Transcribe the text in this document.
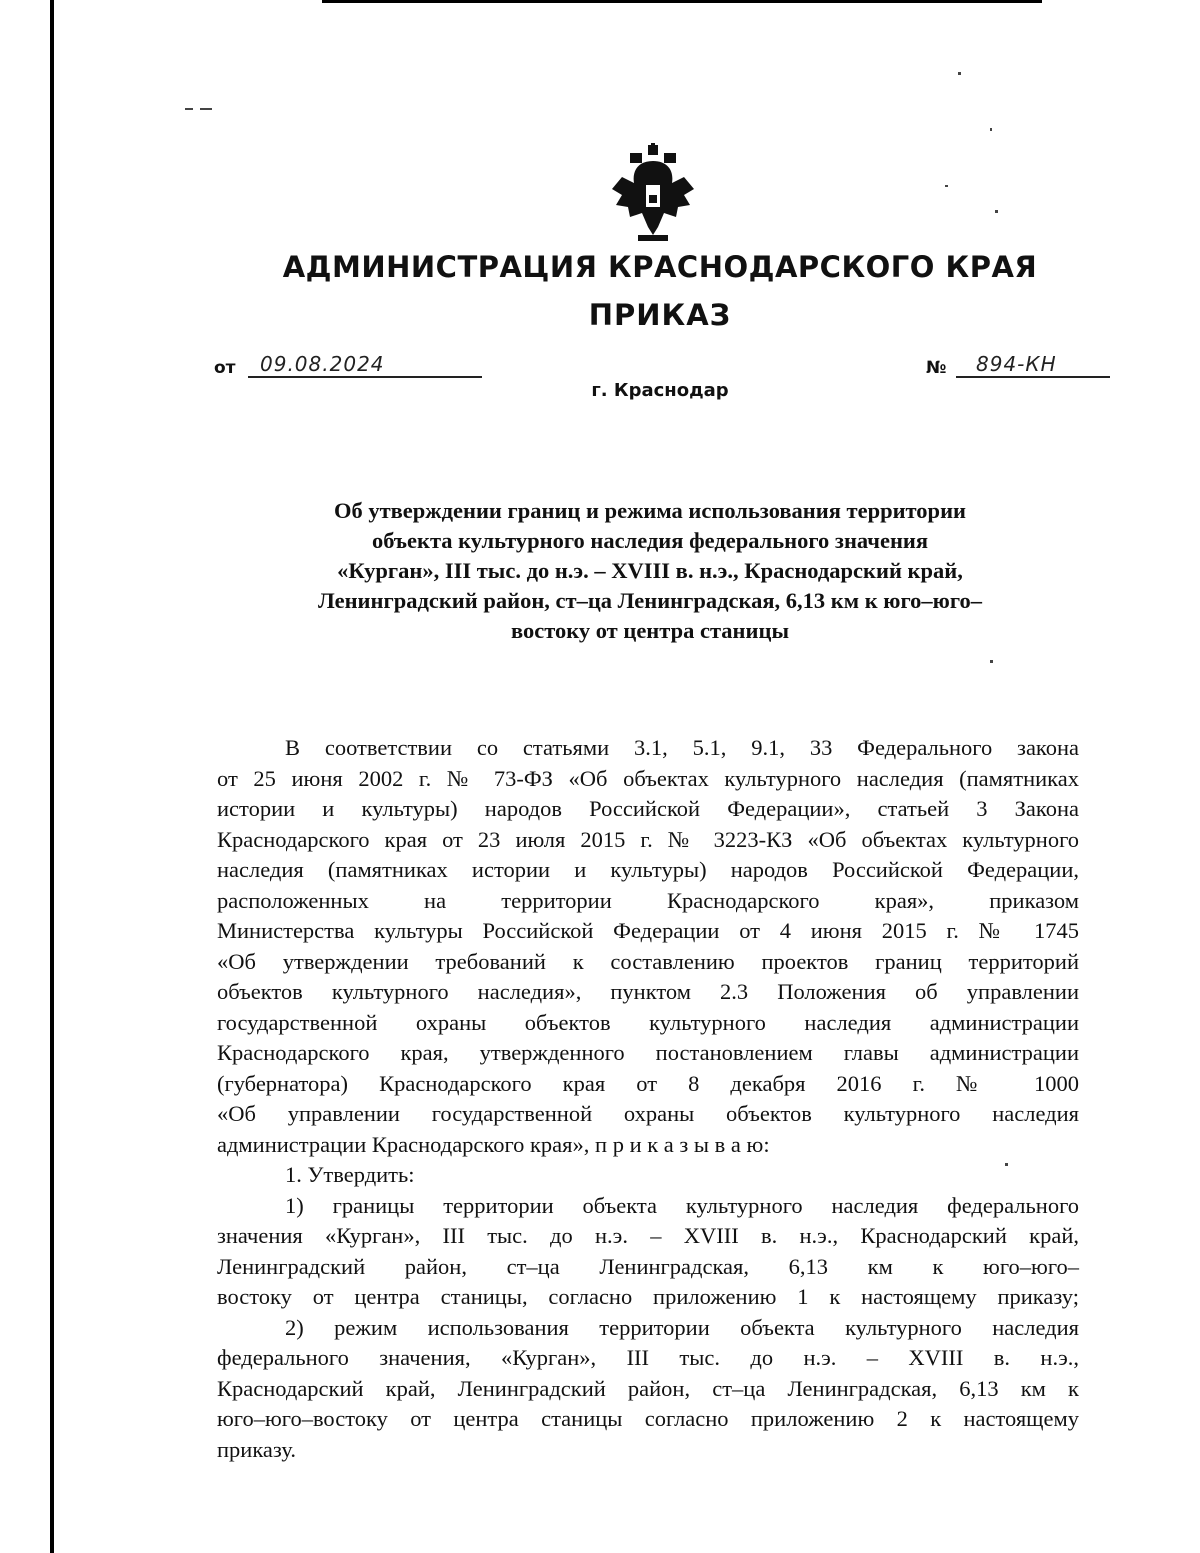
АДМИНИСТРАЦИЯ КРАСНОДАРСКОГО КРАЯ
ПРИКАЗ
от	09.08.2024	№	894-КН
г. Краснодар
Об утверждении границ и режима использования территории
объекта культурного наследия федерального значения
«Курган», III тыс. до н.э. – XVIII в. н.э., Краснодарский край,
Ленинградский район, ст–ца Ленинградская, 6,13 км к юго–юго–
востоку от центра станицы
В соответствии со статьями 3.1, 5.1, 9.1, 33 Федерального закона
от 25 июня 2002 г. № 73-ФЗ «Об объектах культурного наследия (памятниках
истории и культуры) народов Российской Федерации», статьей 3 Закона
Краснодарского края от 23 июля 2015 г. № 3223-КЗ «Об объектах культурного
наследия (памятниках истории и культуры) народов Российской Федерации,
расположенных на территории Краснодарского края», приказом
Министерства культуры Российской Федерации от 4 июня 2015 г. № 1745
«Об утверждении требований к составлению проектов границ территорий
объектов культурного наследия», пунктом 2.3 Положения об управлении
государственной охраны объектов культурного наследия администрации
Краснодарского края, утвержденного постановлением главы администрации
(губернатора) Краснодарского края от 8 декабря 2016 г. № 1000
«Об управлении государственной охраны объектов культурного наследия
администрации Краснодарского края», п р и к а з ы в а ю:
1. Утвердить:
1) границы территории объекта культурного наследия федерального
значения «Курган», III тыс. до н.э. – XVIII в. н.э., Краснодарский край,
Ленинградский район, ст–ца Ленинградская, 6,13 км к юго–юго–
востоку от центра станицы, согласно приложению 1 к настоящему приказу;
2) режим использования территории объекта культурного наследия
федерального значения, «Курган», III тыс. до н.э. – XVIII в. н.э.,
Краснодарский край, Ленинградский район, ст–ца Ленинградская, 6,13 км к
юго–юго–востоку от центра станицы согласно приложению 2 к настоящему
приказу.
